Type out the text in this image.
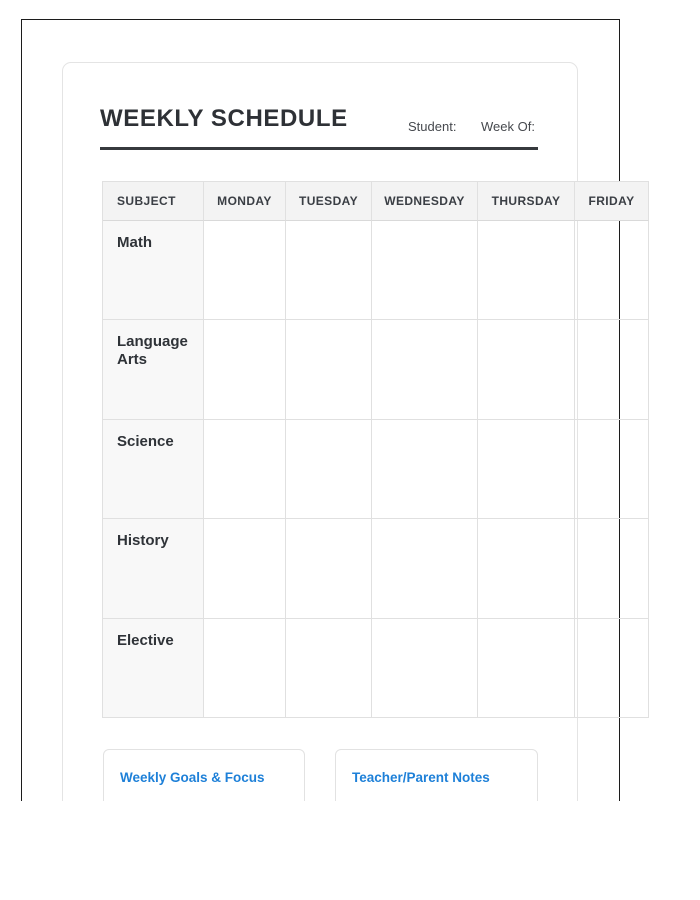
WEEKLY SCHEDULE	Student: Week Of:
SUBJECT	MONDAY	TUESDAY	WEDNESDAY	THURSDAY	FRIDAY
Math
Language Arts
Science
History
Elective
Weekly Goals & Focus	Teacher/Parent Notes
